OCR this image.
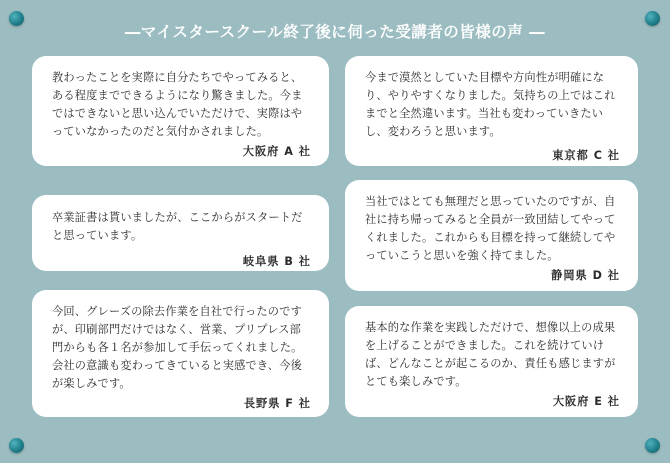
―マイスタースクール終了後に伺った受講者の皆様の声 ―

教わったことを実際に自分たちでやってみると、ある程度までできるようになり驚きました。今まではできないと思い込んでいただけで、実際はやっていなかったのだと気付かされました。

大阪府 A 社

卒業証書は貰いましたが、ここからがスタートだと思っています。

岐阜県 B 社

今回、グレーズの除去作業を自社で行ったのですが、印刷部門だけではなく、営業、プリプレス部門からも各１名が参加して手伝ってくれました。会社の意識も変わってきていると実感でき、今後が楽しみです。

長野県 F 社

今まで漠然としていた目標や方向性が明確になり、やりやすくなりました。気持ちの上ではこれまでと全然違います。当社も変わっていきたいし、変わろうと思います。

東京都 C 社

当社ではとても無理だと思っていたのですが、自社に持ち帰ってみると全員が一致団結してやってくれました。これからも目標を持って継続してやっていこうと思いを強く持てました。

静岡県 D 社

基本的な作業を実践しただけで、想像以上の成果を上げることができました。これを続けていけば、どんなことが起こるのか、責任も感じますがとても楽しみです。

大阪府 E 社
